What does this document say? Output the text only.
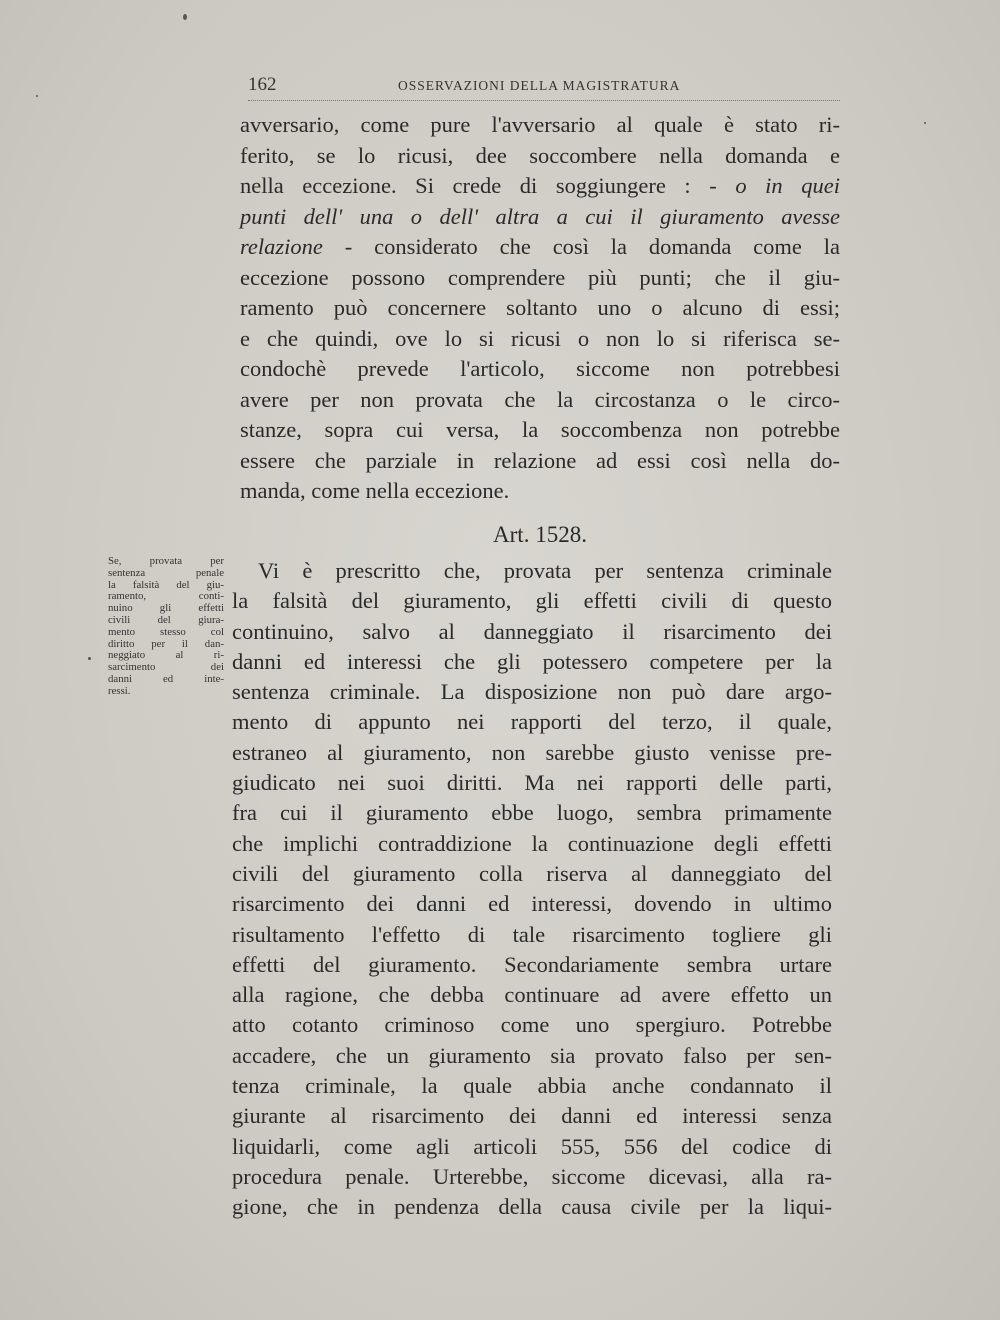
162	OSSERVAZIONI DELLA MAGISTRATURA
avversario, come pure l'avversario al quale è stato ri-
ferito, se lo ricusi, dee soccombere nella domanda e
nella eccezione. Si crede di soggiungere : - o in quei
punti dell' una o dell' altra a cui il giuramento avesse
relazione - considerato che così la domanda come la
eccezione possono comprendere più punti; che il giu-
ramento può concernere soltanto uno o alcuno di essi;
e che quindi, ove lo si ricusi o non lo si riferisca se-
condochè prevede l'articolo, siccome non potrebbesi
avere per non provata che la circostanza o le circo-
stanze, sopra cui versa, la soccombenza non potrebbe
essere che parziale in relazione ad essi così nella do-
manda, come nella eccezione.
Art. 1528.
Se, provata per
sentenza penale
la falsità del giu-
ramento, conti-
nuino gli effetti
civili del giura-
mento stesso col
diritto per il dan-
neggiato al ri-
sarcimento dei
danni ed inte-
ressi.
Vi è prescritto che, provata per sentenza criminale
la falsità del giuramento, gli effetti civili di questo
continuino, salvo al danneggiato il risarcimento dei
danni ed interessi che gli potessero competere per la
sentenza criminale. La disposizione non può dare argo-
mento di appunto nei rapporti del terzo, il quale,
estraneo al giuramento, non sarebbe giusto venisse pre-
giudicato nei suoi diritti. Ma nei rapporti delle parti,
fra cui il giuramento ebbe luogo, sembra primamente
che implichi contraddizione la continuazione degli effetti
civili del giuramento colla riserva al danneggiato del
risarcimento dei danni ed interessi, dovendo in ultimo
risultamento l'effetto di tale risarcimento togliere gli
effetti del giuramento. Secondariamente sembra urtare
alla ragione, che debba continuare ad avere effetto un
atto cotanto criminoso come uno spergiuro. Potrebbe
accadere, che un giuramento sia provato falso per sen-
tenza criminale, la quale abbia anche condannato il
giurante al risarcimento dei danni ed interessi senza
liquidarli, come agli articoli 555, 556 del codice di
procedura penale. Urterebbe, siccome dicevasi, alla ra-
gione, che in pendenza della causa civile per la liqui-
